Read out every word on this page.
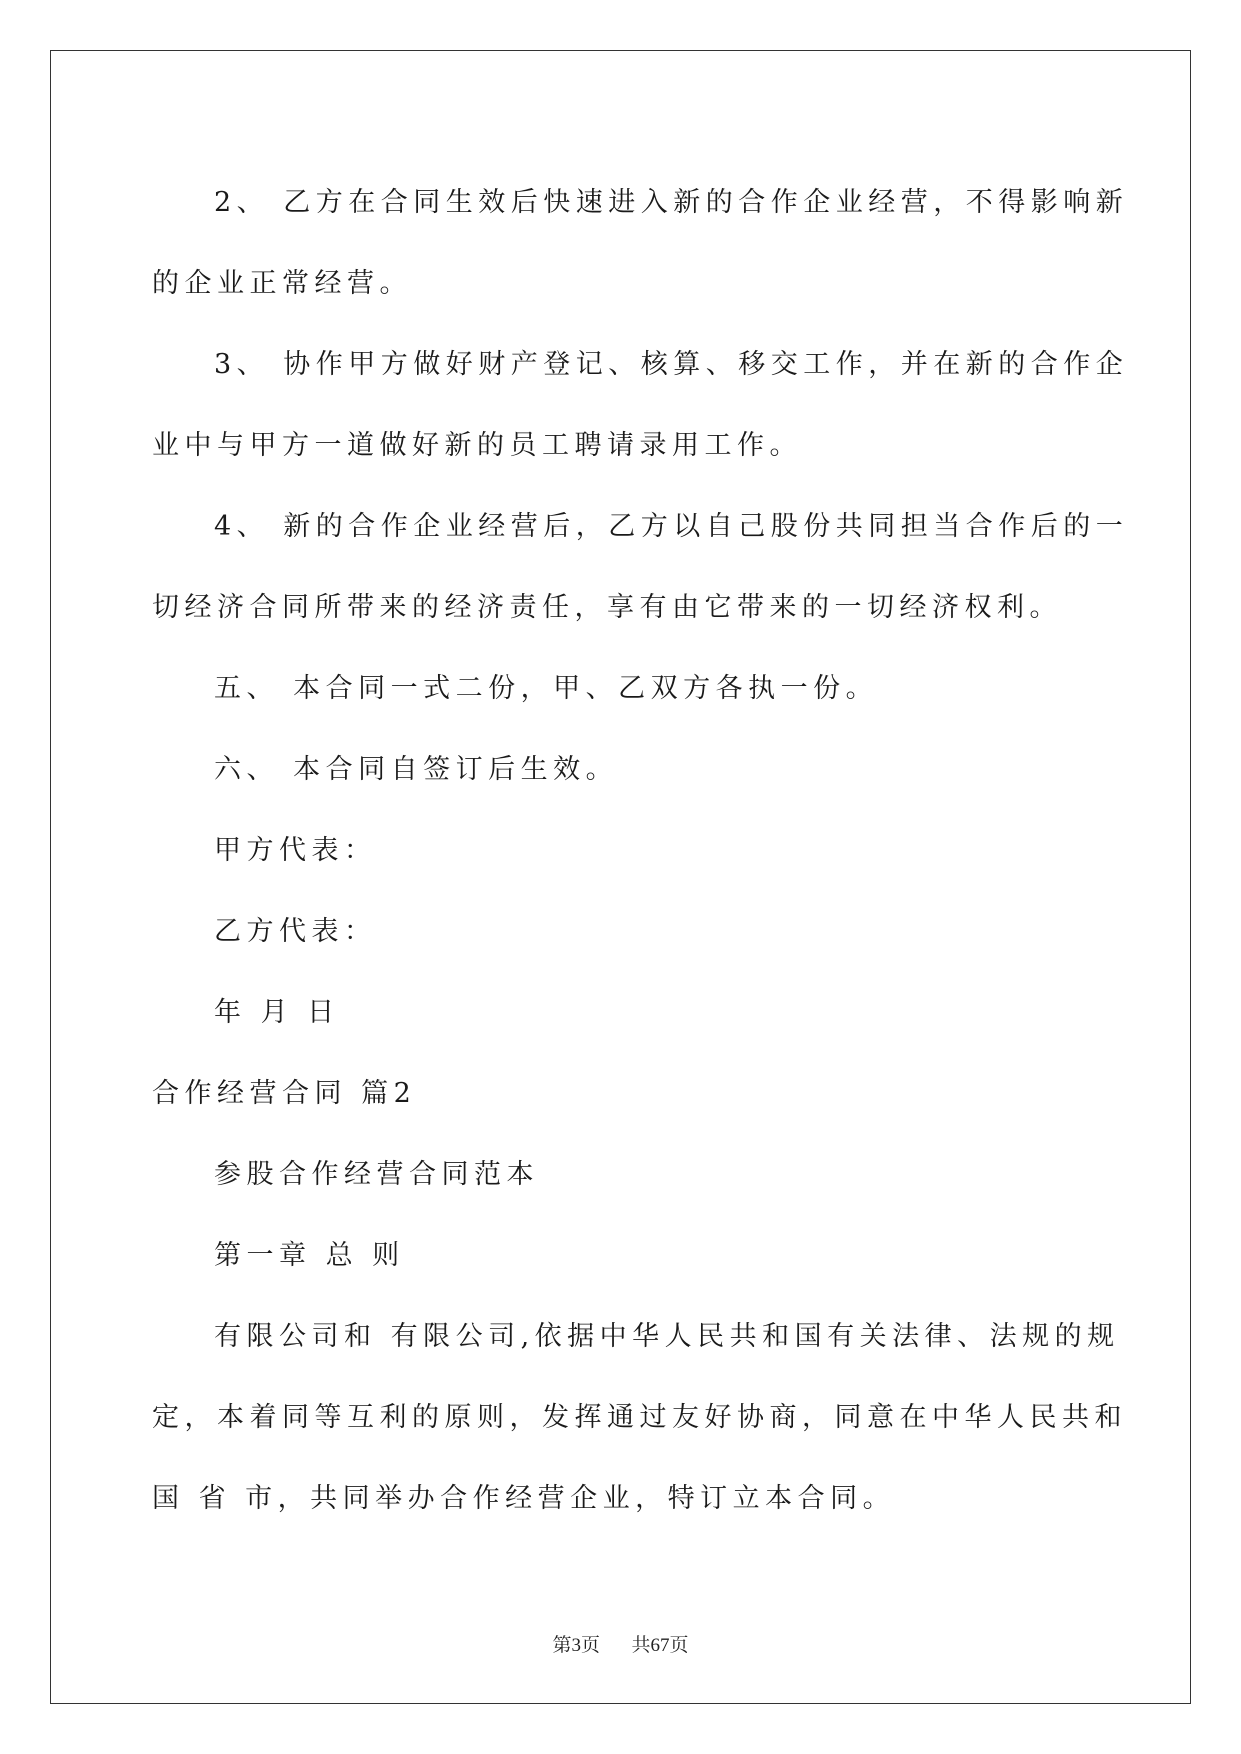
2、 乙方在合同生效后快速进入新的合作企业经营，不得影响新
的企业正常经营。
3、 协作甲方做好财产登记、核算、移交工作，并在新的合作企
业中与甲方一道做好新的员工聘请录用工作。
4、 新的合作企业经营后，乙方以自己股份共同担当合作后的一
切经济合同所带来的经济责任，享有由它带来的一切经济权利。
五、 本合同一式二份，甲、乙双方各执一份。
六、 本合同自签订后生效。
甲方代表：
乙方代表：
年 月 日
合作经营合同 篇2
参股合作经营合同范本
第一章 总 则
有限公司和 有限公司,依据中华人民共和国有关法律、法规的规
定，本着同等互利的原则，发挥通过友好协商，同意在中华人民共和
国 省 市，共同举办合作经营企业，特订立本合同。

第3页 共67页
